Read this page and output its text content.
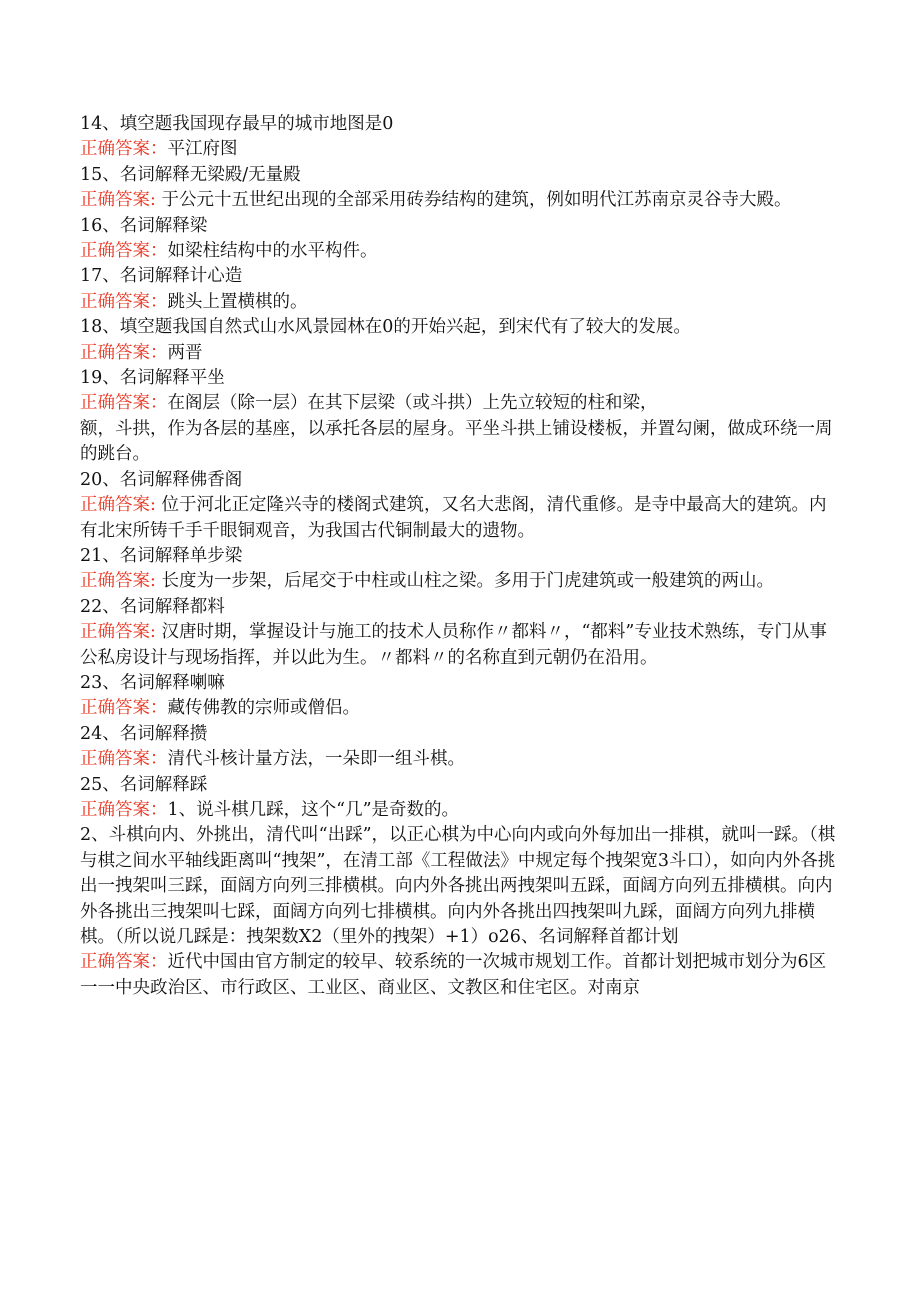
14、填空题我国现存最早的城市地图是0

正确答案：平江府图

15、名词解释无梁殿/无量殿

正确答案: 于公元十五世纪出现的全部采用砖券结构的建筑，例如明代江苏南京灵谷寺大殿。

16、名词解释梁

正确答案：如梁柱结构中的水平构件。

17、名词解释计心造

正确答案：跳头上置横棋的。

18、填空题我国自然式山水风景园林在0的开始兴起，到宋代有了较大的发展。

正确答案：两晋

19、名词解释平坐

正确答案：在阁层（除一层）在其下层梁（或斗拱）上先立较短的柱和梁，

额，斗拱，作为各层的基座，以承托各层的屋身。平坐斗拱上铺设楼板，并置勾阑，做成环绕一周的跳台。

20、名词解释佛香阁

正确答案: 位于河北正定隆兴寺的楼阁式建筑，又名大悲阁，清代重修。是寺中最高大的建筑。内有北宋所铸千手千眼铜观音，为我国古代铜制最大的遗物。

21、名词解释单步梁

正确答案: 长度为一步架，后尾交于中柱或山柱之梁。多用于门虎建筑或一般建筑的两山。

22、名词解释都料

正确答案: 汉唐时期，掌握设计与施工的技术人员称作〃都料〃，“都料”专业技术熟练，专门从事公私房设计与现场指挥，并以此为生。〃都料〃的名称直到元朝仍在沿用。

23、名词解释喇嘛

正确答案：藏传佛教的宗师或僧侣。

24、名词解释攒

正确答案：清代斗核计量方法，一朵即一组斗棋。

25、名词解释踩

正确答案：1、说斗棋几踩，这个“几”是奇数的。

2、斗棋向内、外挑出，清代叫“出踩”，以正心棋为中心向内或向外每加出一排棋，就叫一踩。（棋与棋之间水平轴线距离叫“拽架”，在清工部《工程做法》中规定每个拽架宽3斗口），如向内外各挑出一拽架叫三踩，面阔方向列三排横棋。向内外各挑出两拽架叫五踩，面阔方向列五排横棋。向内外各挑出三拽架叫七踩，面阔方向列七排横棋。向内外各挑出四拽架叫九踩，面阔方向列九排横棋。（所以说几踩是：拽架数X2（里外的拽架）+1）o26、名词解释首都计划

正确答案：近代中国由官方制定的较早、较系统的一次城市规划工作。首都计划把城市划分为6区一一中央政治区、市行政区、工业区、商业区、文教区和住宅区。对南京
